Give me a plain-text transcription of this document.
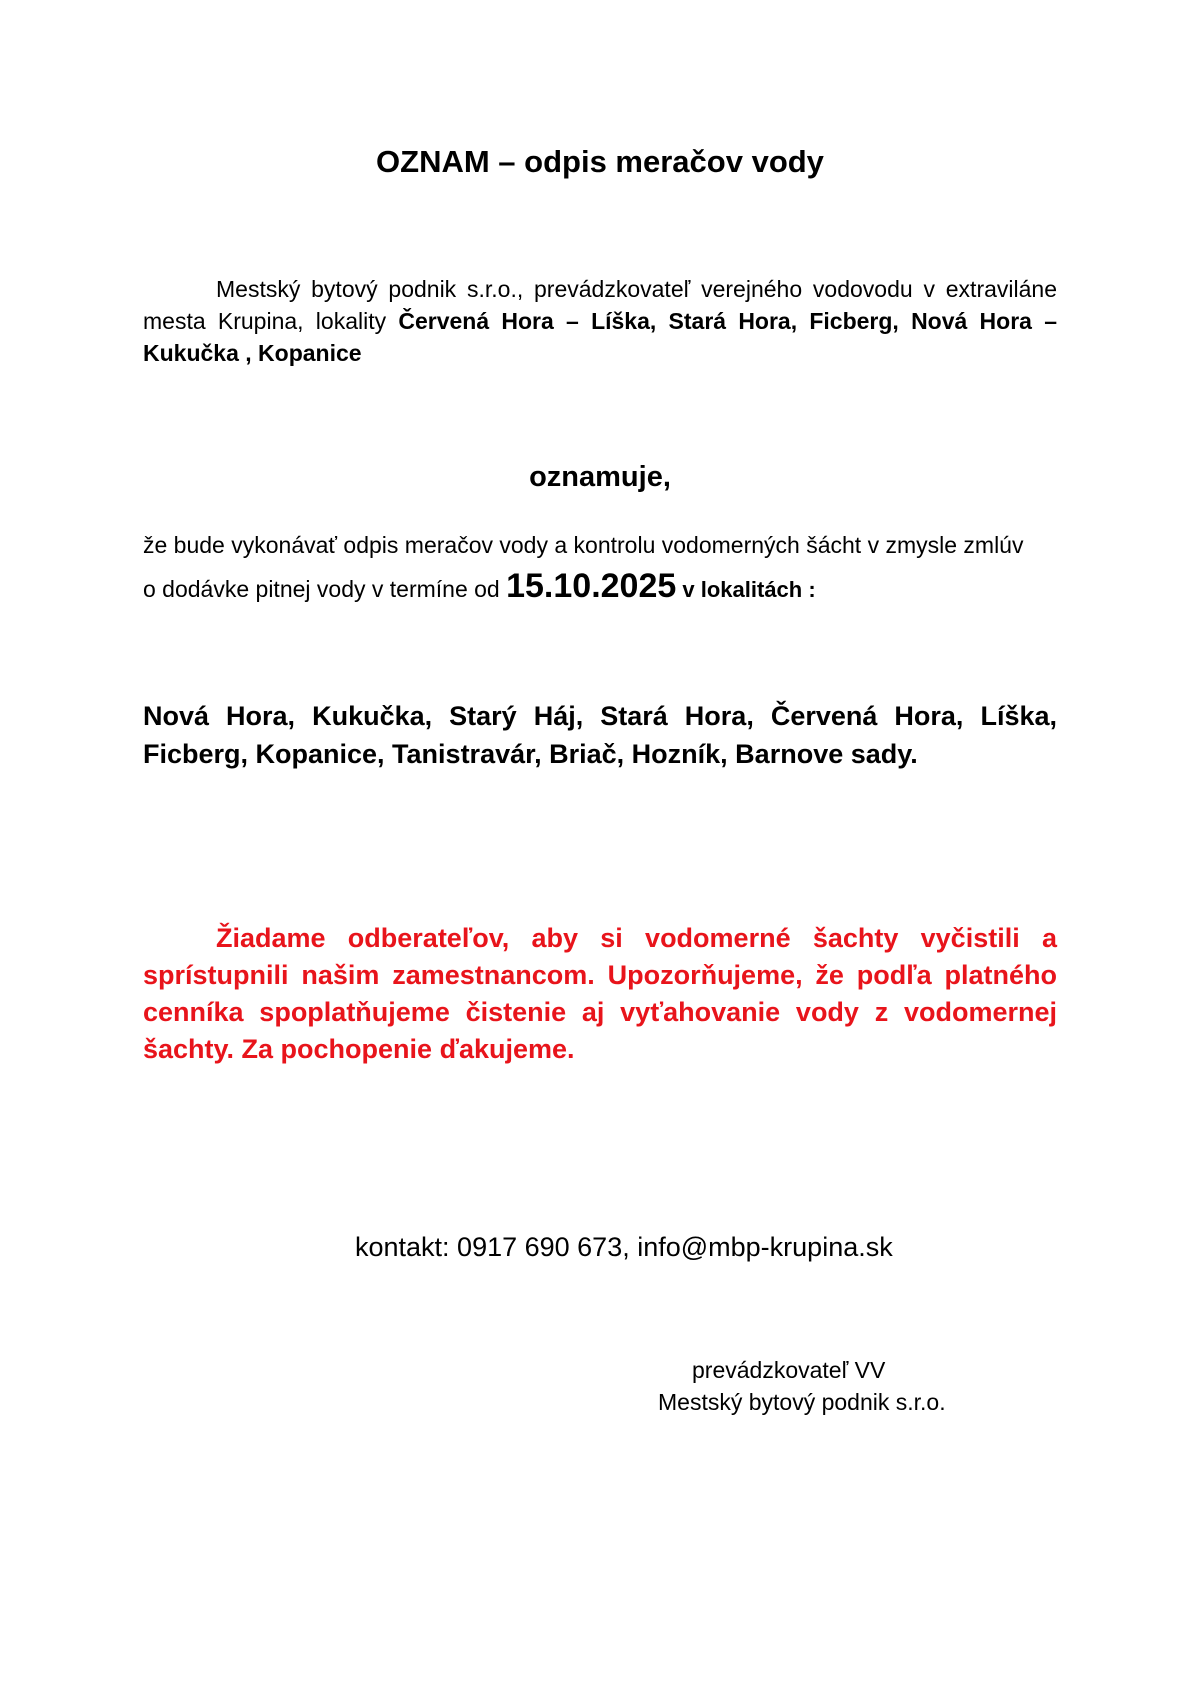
OZNAM – odpis meračov vody
Mestský bytový podnik s.r.o., prevádzkovateľ verejného vodovodu v extraviláne mesta Krupina, lokality Červená Hora – Líška, Stará Hora, Ficberg, Nová Hora – Kukučka , Kopanice
oznamuje,
že bude vykonávať odpis meračov vody a kontrolu vodomerných šácht v zmysle zmlúv
o dodávke pitnej vody v termíne od 15.10.2025 v lokalitách :
Nová Hora, Kukučka, Starý Háj, Stará Hora, Červená Hora, Líška, Ficberg, Kopanice, Tanistravár, Briač, Hozník, Barnove sady.
Žiadame odberateľov, aby si vodomerné šachty vyčistili a sprístupnili našim zamestnancom. Upozorňujeme, že podľa platného cenníka spoplatňujeme čistenie aj vyťahovanie vody z vodomernej šachty. Za pochopenie ďakujeme.
kontakt: 0917 690 673, info@mbp-krupina.sk
prevádzkovateľ VV
Mestský bytový podnik s.r.o.
